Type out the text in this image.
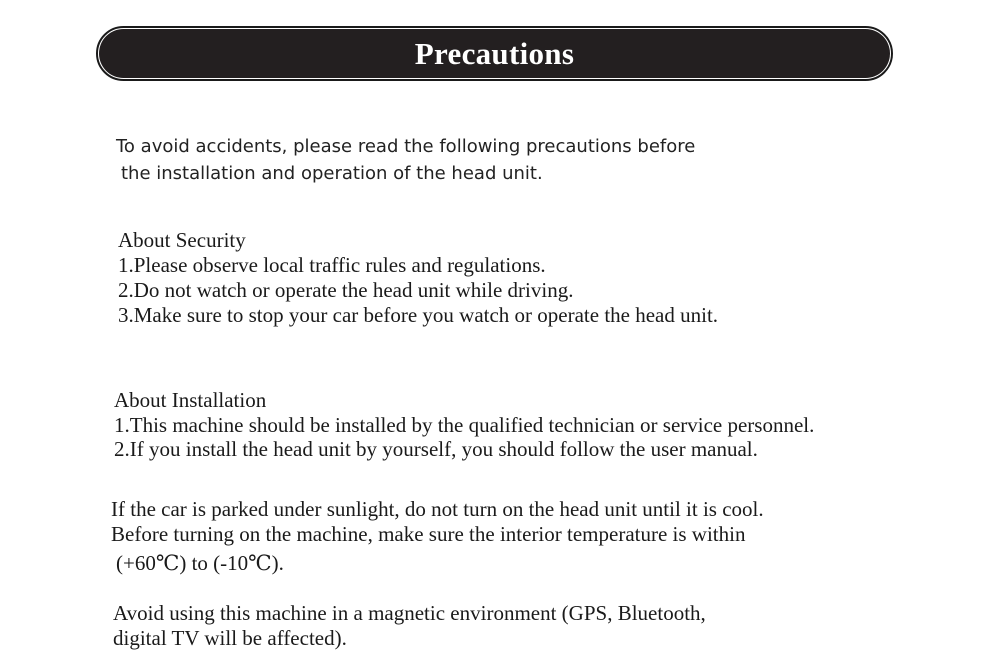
Precautions
To avoid accidents, please read the following precautions before
the installation and operation of the head unit.
About Security
1.Please observe local traffic rules and regulations.
2.Do not watch or operate the head unit while driving.
3.Make sure to stop your car before you watch or operate the head unit.
About Installation
1.This machine should be installed by the qualified technician or service personnel.
2.If you install the head unit by yourself, you should follow the user manual.
If the car is parked under sunlight, do not turn on the head unit until it is cool.
Before turning on the machine, make sure the interior temperature is within
(+60℃) to (-10℃).
Avoid using this machine in a magnetic environment (GPS, Bluetooth,
digital TV will be affected).
